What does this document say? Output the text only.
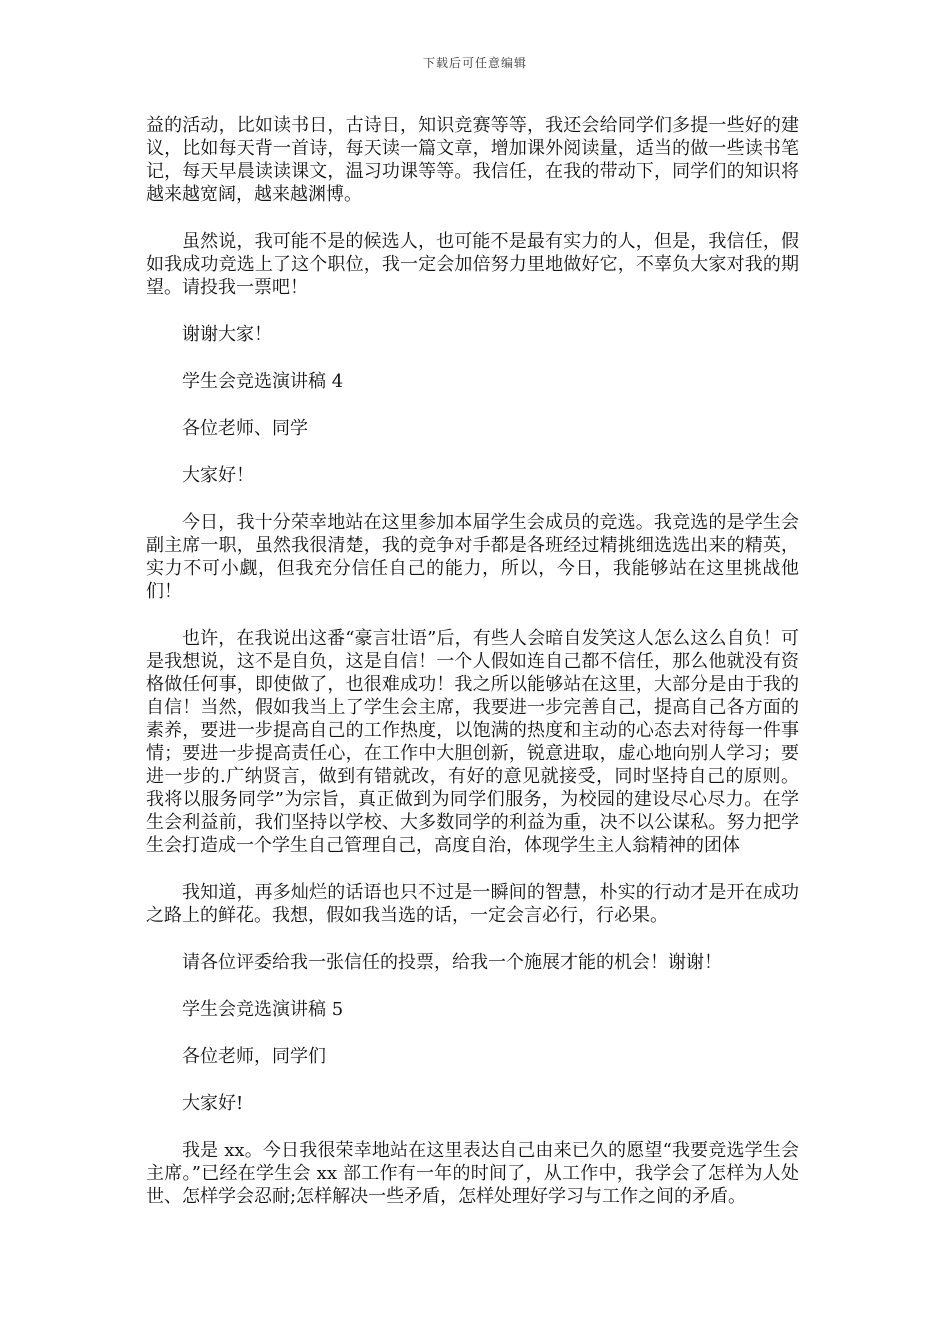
下载后可任意编辑

益的活动，比如读书日，古诗日，知识竞赛等等，我还会给同学们多提一些好的建议，比如每天背一首诗，每天读一篇文章，增加课外阅读量，适当的做一些读书笔记，每天早晨读读课文，温习功课等等。我信任，在我的带动下，同学们的知识将越来越宽阔，越来越渊博。

虽然说，我可能不是的候选人，也可能不是最有实力的人，但是，我信任，假如我成功竞选上了这个职位，我一定会加倍努力里地做好它，不辜负大家对我的期望。请投我一票吧！

谢谢大家！

学生会竞选演讲稿 4

各位老师、同学

大家好！

今日，我十分荣幸地站在这里参加本届学生会成员的竞选。我竞选的是学生会副主席一职，虽然我很清楚，我的竞争对手都是各班经过精挑细选选出来的精英，实力不可小觑，但我充分信任自己的能力，所以，今日，我能够站在这里挑战他们！

也许，在我说出这番“豪言壮语”后，有些人会暗自发笑这人怎么这么自负！可是我想说，这不是自负，这是自信！一个人假如连自己都不信任，那么他就没有资格做任何事，即使做了，也很难成功！我之所以能够站在这里，大部分是由于我的自信！当然，假如我当上了学生会主席，我要进一步完善自己，提高自己各方面的素养，要进一步提高自己的工作热度，以饱满的热度和主动的心态去对待每一件事情；要进一步提高责任心，在工作中大胆创新，锐意进取，虚心地向别人学习；要进一步的.广纳贤言，做到有错就改，有好的意见就接受，同时坚持自己的原则。我将以服务同学”为宗旨，真正做到为同学们服务，为校园的建设尽心尽力。在学生会利益前，我们坚持以学校、大多数同学的利益为重，决不以公谋私。努力把学生会打造成一个学生自己管理自己，高度自治，体现学生主人翁精神的团体

我知道，再多灿烂的话语也只不过是一瞬间的智慧，朴实的行动才是开在成功之路上的鲜花。我想，假如我当选的话，一定会言必行，行必果。

请各位评委给我一张信任的投票，给我一个施展才能的机会！谢谢！

学生会竞选演讲稿 5

各位老师，同学们

大家好!

我是 xx。今日我很荣幸地站在这里表达自己由来已久的愿望“我要竞选学生会主席。”已经在学生会 xx 部工作有一年的时间了，从工作中，我学会了怎样为人处世、怎样学会忍耐;怎样解决一些矛盾，怎样处理好学习与工作之间的矛盾。
